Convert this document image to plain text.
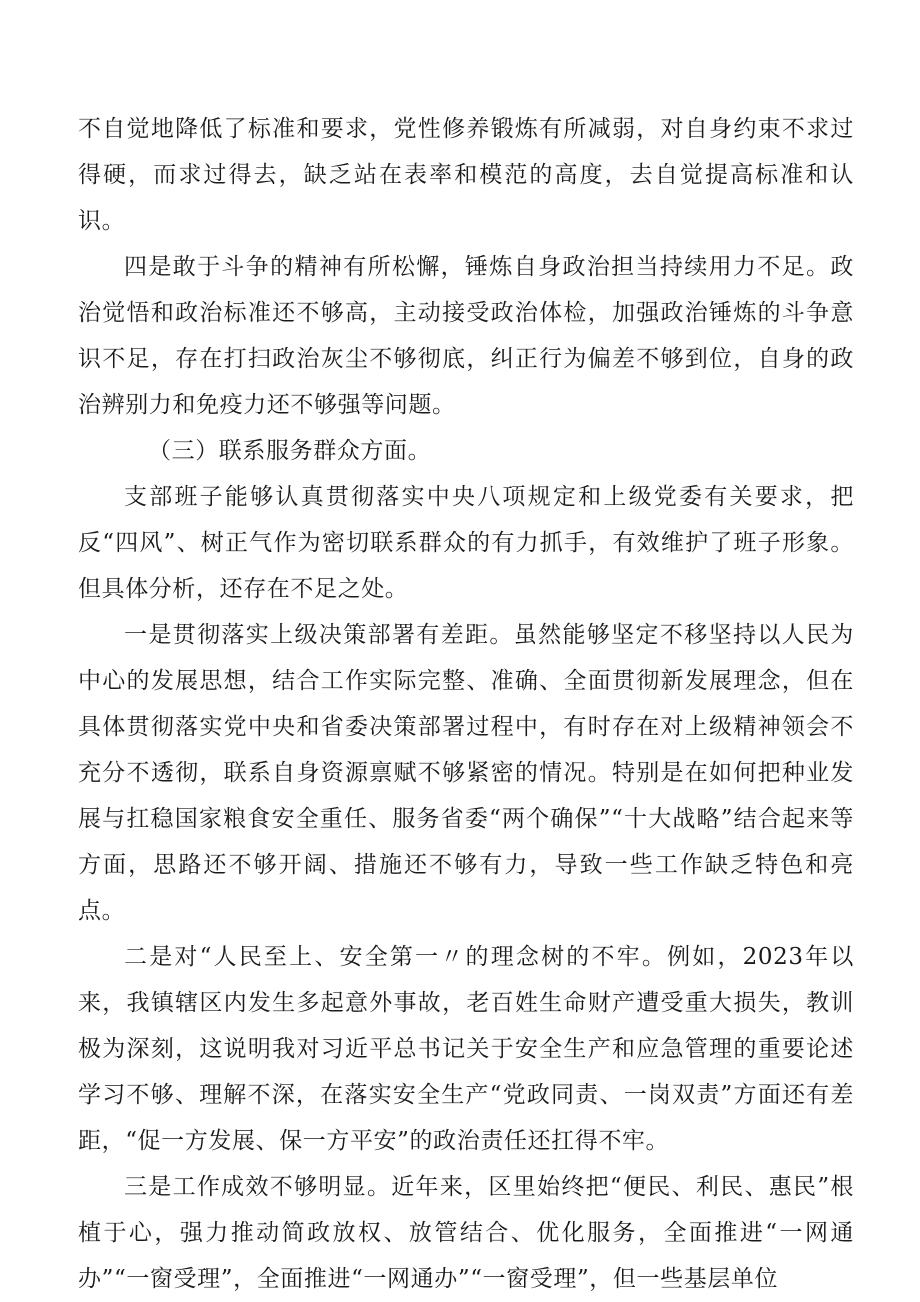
不自觉地降低了标准和要求，党性修养锻炼有所减弱，对自身约束不求过得硬，而求过得去，缺乏站在表率和模范的高度，去自觉提高标准和认识。

四是敢于斗争的精神有所松懈，锤炼自身政治担当持续用力不足。政治觉悟和政治标准还不够高，主动接受政治体检，加强政治锤炼的斗争意识不足，存在打扫政治灰尘不够彻底，纠正行为偏差不够到位，自身的政治辨别力和免疫力还不够强等问题。

（三）联系服务群众方面。

支部班子能够认真贯彻落实中央八项规定和上级党委有关要求，把反“四风”、树正气作为密切联系群众的有力抓手，有效维护了班子形象。但具体分析，还存在不足之处。

一是贯彻落实上级决策部署有差距。虽然能够坚定不移坚持以人民为中心的发展思想，结合工作实际完整、准确、全面贯彻新发展理念，但在具体贯彻落实党中央和省委决策部署过程中，有时存在对上级精神领会不充分不透彻，联系自身资源禀赋不够紧密的情况。特别是在如何把种业发展与扛稳国家粮食安全重任、服务省委“两个确保”“十大战略”结合起来等方面，思路还不够开阔、措施还不够有力，导致一些工作缺乏特色和亮点。

二是对“人民至上、安全第一〃的理念树的不牢。例如，2023年以来，我镇辖区内发生多起意外事故，老百姓生命财产遭受重大损失，教训极为深刻，这说明我对习近平总书记关于安全生产和应急管理的重要论述学习不够、理解不深，在落实安全生产“党政同责、一岗双责”方面还有差距，“促一方发展、保一方平安”的政治责任还扛得不牢。

三是工作成效不够明显。近年来，区里始终把“便民、利民、惠民”根植于心，强力推动简政放权、放管结合、优化服务，全面推进“一网通办”“一窗受理”，全面推进“一网通办”“一窗受理”，但一些基层单位
